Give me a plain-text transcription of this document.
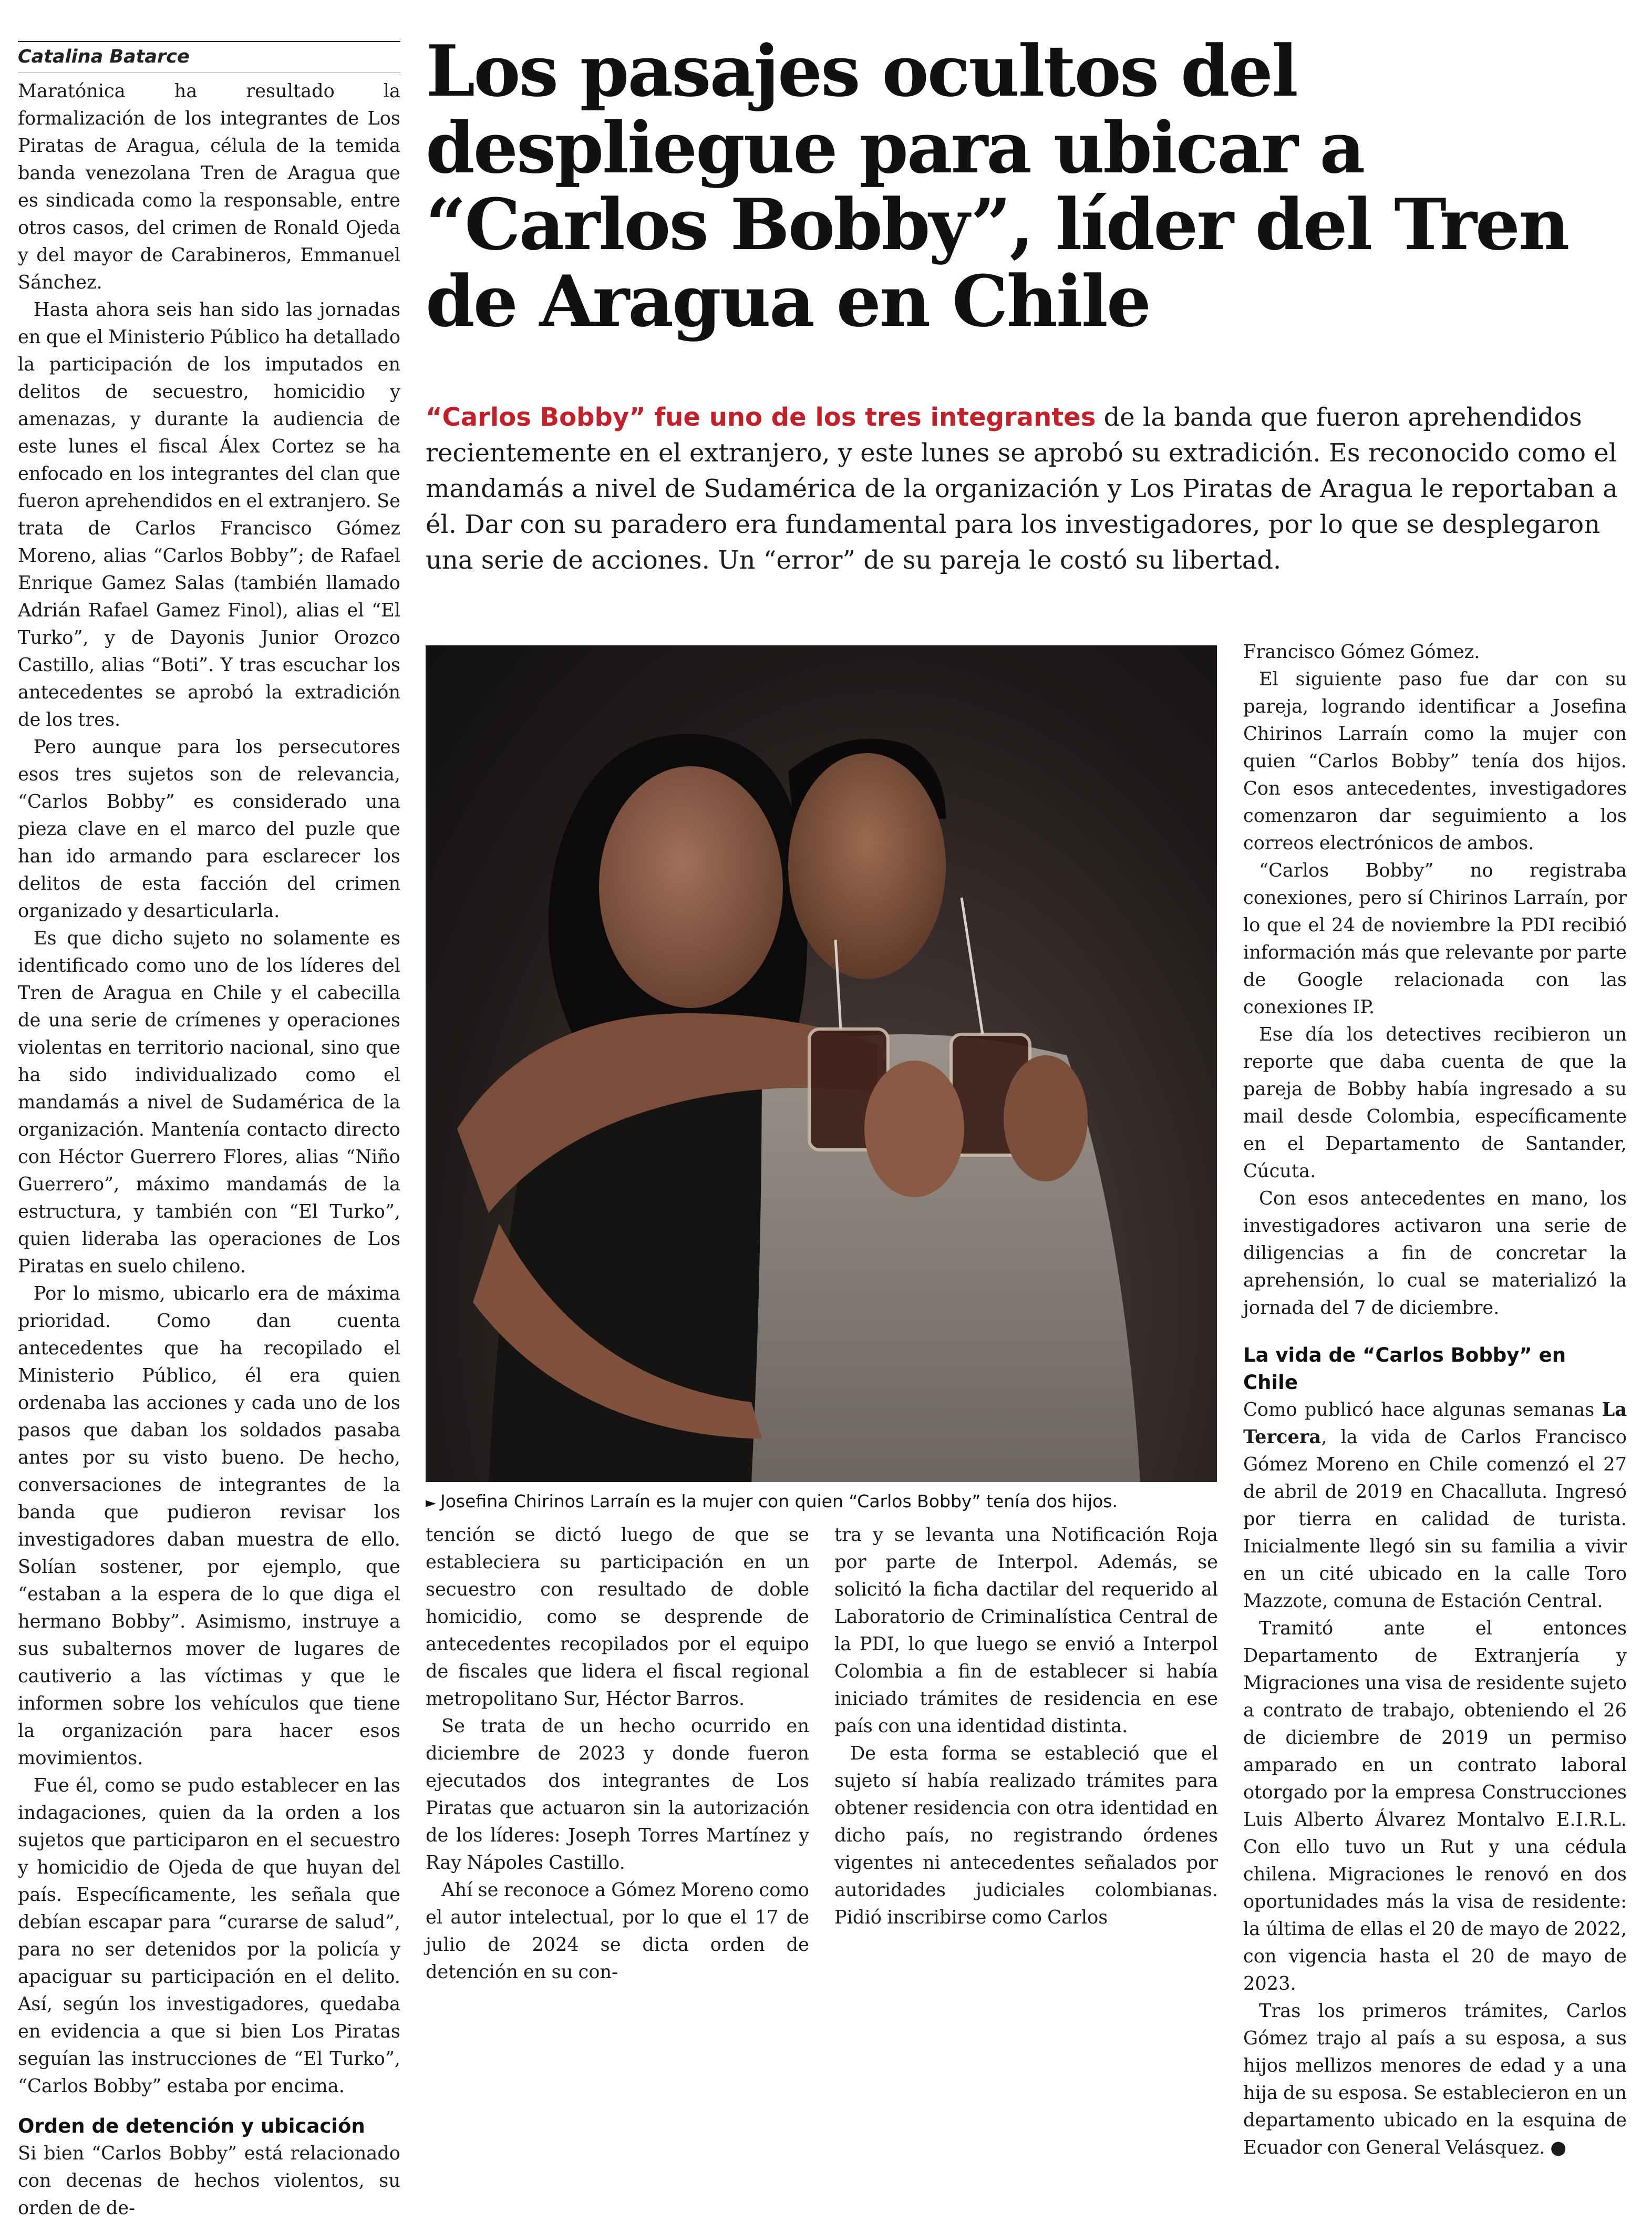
Catalina Batarce	Los pasajes ocultos del despliegue para ubicar a “Carlos Bobby”, líder del Tren de Aragua en Chile

“Carlos Bobby” fue uno de los tres integrantes de la banda que fueron aprehendidos recientemente en el extranjero, y este lunes se aprobó su extradición. Es reconocido como el mandamás a nivel de Sudamérica de la organización y Los Piratas de Aragua le reportaban a él. Dar con su paradero era fundamental para los investigadores, por lo que se desplegaron una serie de acciones. Un “error” de su pareja le costó su libertad.

► Josefina Chirinos Larraín es la mujer con quien “Carlos Bobby” tenía dos hijos.

Maratónica ha resultado la formalización de los integrantes de Los Piratas de Aragua, célula de la temida banda venezolana Tren de Aragua que es sindicada como la responsable, entre otros casos, del crimen de Ronald Ojeda y del mayor de Carabineros, Emmanuel Sánchez.

Hasta ahora seis han sido las jornadas en que el Ministerio Público ha detallado la participación de los imputados en delitos de secuestro, homicidio y amenazas, y durante la audiencia de este lunes el fiscal Álex Cortez se ha enfocado en los integrantes del clan que fueron aprehendidos en el extranjero. Se trata de Carlos Francisco Gómez Moreno, alias “Carlos Bobby”; de Rafael Enrique Gamez Salas (también llamado Adrián Rafael Gamez Finol), alias el “El Turko”, y de Dayonis Junior Orozco Castillo, alias “Boti”. Y tras escuchar los antecedentes se aprobó la extradición de los tres.

Pero aunque para los persecutores esos tres sujetos son de relevancia, “Carlos Bobby” es considerado una pieza clave en el marco del puzle que han ido armando para esclarecer los delitos de esta facción del crimen organizado y desarticularla.

Es que dicho sujeto no solamente es identificado como uno de los líderes del Tren de Aragua en Chile y el cabecilla de una serie de crímenes y operaciones violentas en territorio nacional, sino que ha sido individualizado como el mandamás a nivel de Sudamérica de la organización. Mantenía contacto directo con Héctor Guerrero Flores, alias “Niño Guerrero”, máximo mandamás de la estructura, y también con “El Turko”, quien lideraba las operaciones de Los Piratas en suelo chileno.

Por lo mismo, ubicarlo era de máxima prioridad. Como dan cuenta antecedentes que ha recopilado el Ministerio Público, él era quien ordenaba las acciones y cada uno de los pasos que daban los soldados pasaba antes por su visto bueno. De hecho, conversaciones de integrantes de la banda que pudieron revisar los investigadores daban muestra de ello. Solían sostener, por ejemplo, que “estaban a la espera de lo que diga el hermano Bobby”. Asimismo, instruye a sus subalternos mover de lugares de cautiverio a las víctimas y que le informen sobre los vehículos que tiene la organización para hacer esos movimientos.

Fue él, como se pudo establecer en las indagaciones, quien da la orden a los sujetos que participaron en el secuestro y homicidio de Ojeda de que huyan del país. Específicamente, les señala que debían escapar para “curarse de salud”, para no ser detenidos por la policía y apaciguar su participación en el delito. Así, según los investigadores, quedaba en evidencia a que si bien Los Piratas seguían las instrucciones de “El Turko”, “Carlos Bobby” estaba por encima.

Orden de detención y ubicación

Si bien “Carlos Bobby” está relacionado con decenas de hechos violentos, su orden de de-

tención se dictó luego de que se estableciera su participación en un secuestro con resultado de doble homicidio, como se desprende de antecedentes recopilados por el equipo de fiscales que lidera el fiscal regional metropolitano Sur, Héctor Barros.

Se trata de un hecho ocurrido en diciembre de 2023 y donde fueron ejecutados dos integrantes de Los Piratas que actuaron sin la autorización de los líderes: Joseph Torres Martínez y Ray Nápoles Castillo.

Ahí se reconoce a Gómez Moreno como el autor intelectual, por lo que el 17 de julio de 2024 se dicta orden de detención en su con-

tra y se levanta una Notificación Roja por parte de Interpol. Además, se solicitó la ficha dactilar del requerido al Laboratorio de Criminalística Central de la PDI, lo que luego se envió a Interpol Colombia a fin de establecer si había iniciado trámites de residencia en ese país con una identidad distinta.

De esta forma se estableció que el sujeto sí había realizado trámites para obtener residencia con otra identidad en dicho país, no registrando órdenes vigentes ni antecedentes señalados por autoridades judiciales colombianas. Pidió inscribirse como Carlos

Francisco Gómez Gómez.

El siguiente paso fue dar con su pareja, logrando identificar a Josefina Chirinos Larraín como la mujer con quien “Carlos Bobby” tenía dos hijos. Con esos antecedentes, investigadores comenzaron dar seguimiento a los correos electrónicos de ambos.

“Carlos Bobby” no registraba conexiones, pero sí Chirinos Larraín, por lo que el 24 de noviembre la PDI recibió información más que relevante por parte de Google relacionada con las conexiones IP.

Ese día los detectives recibieron un reporte que daba cuenta de que la pareja de Bobby había ingresado a su mail desde Colombia, específicamente en el Departamento de Santander, Cúcuta.

Con esos antecedentes en mano, los investigadores activaron una serie de diligencias a fin de concretar la aprehensión, lo cual se materializó la jornada del 7 de diciembre.

La vida de “Carlos Bobby” en Chile

Como publicó hace algunas semanas La Tercera, la vida de Carlos Francisco Gómez Moreno en Chile comenzó el 27 de abril de 2019 en Chacalluta. Ingresó por tierra en calidad de turista. Inicialmente llegó sin su familia a vivir en un cité ubicado en la calle Toro Mazzote, comuna de Estación Central.

Tramitó ante el entonces Departamento de Extranjería y Migraciones una visa de residente sujeto a contrato de trabajo, obteniendo el 26 de diciembre de 2019 un permiso amparado en un contrato laboral otorgado por la empresa Construcciones Luis Alberto Álvarez Montalvo E.I.R.L. Con ello tuvo un Rut y una cédula chilena. Migraciones le renovó en dos oportunidades más la visa de residente: la última de ellas el 20 de mayo de 2022, con vigencia hasta el 20 de mayo de 2023.

Tras los primeros trámites, Carlos Gómez trajo al país a su esposa, a sus hijos mellizos menores de edad y a una hija de su esposa. Se establecieron en un departamento ubicado en la esquina de Ecuador con General Velásquez. ●
